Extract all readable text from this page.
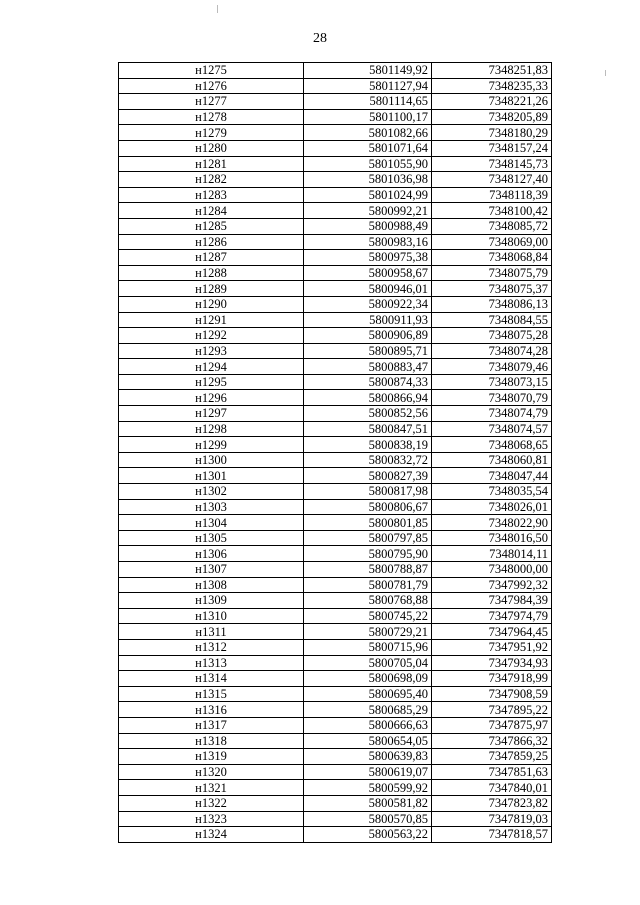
28
н1275	5801149,92	7348251,83
н1276	5801127,94	7348235,33
н1277	5801114,65	7348221,26
н1278	5801100,17	7348205,89
н1279	5801082,66	7348180,29
н1280	5801071,64	7348157,24
н1281	5801055,90	7348145,73
н1282	5801036,98	7348127,40
н1283	5801024,99	7348118,39
н1284	5800992,21	7348100,42
н1285	5800988,49	7348085,72
н1286	5800983,16	7348069,00
н1287	5800975,38	7348068,84
н1288	5800958,67	7348075,79
н1289	5800946,01	7348075,37
н1290	5800922,34	7348086,13
н1291	5800911,93	7348084,55
н1292	5800906,89	7348075,28
н1293	5800895,71	7348074,28
н1294	5800883,47	7348079,46
н1295	5800874,33	7348073,15
н1296	5800866,94	7348070,79
н1297	5800852,56	7348074,79
н1298	5800847,51	7348074,57
н1299	5800838,19	7348068,65
н1300	5800832,72	7348060,81
н1301	5800827,39	7348047,44
н1302	5800817,98	7348035,54
н1303	5800806,67	7348026,01
н1304	5800801,85	7348022,90
н1305	5800797,85	7348016,50
н1306	5800795,90	7348014,11
н1307	5800788,87	7348000,00
н1308	5800781,79	7347992,32
н1309	5800768,88	7347984,39
н1310	5800745,22	7347974,79
н1311	5800729,21	7347964,45
н1312	5800715,96	7347951,92
н1313	5800705,04	7347934,93
н1314	5800698,09	7347918,99
н1315	5800695,40	7347908,59
н1316	5800685,29	7347895,22
н1317	5800666,63	7347875,97
н1318	5800654,05	7347866,32
н1319	5800639,83	7347859,25
н1320	5800619,07	7347851,63
н1321	5800599,92	7347840,01
н1322	5800581,82	7347823,82
н1323	5800570,85	7347819,03
н1324	5800563,22	7347818,57
